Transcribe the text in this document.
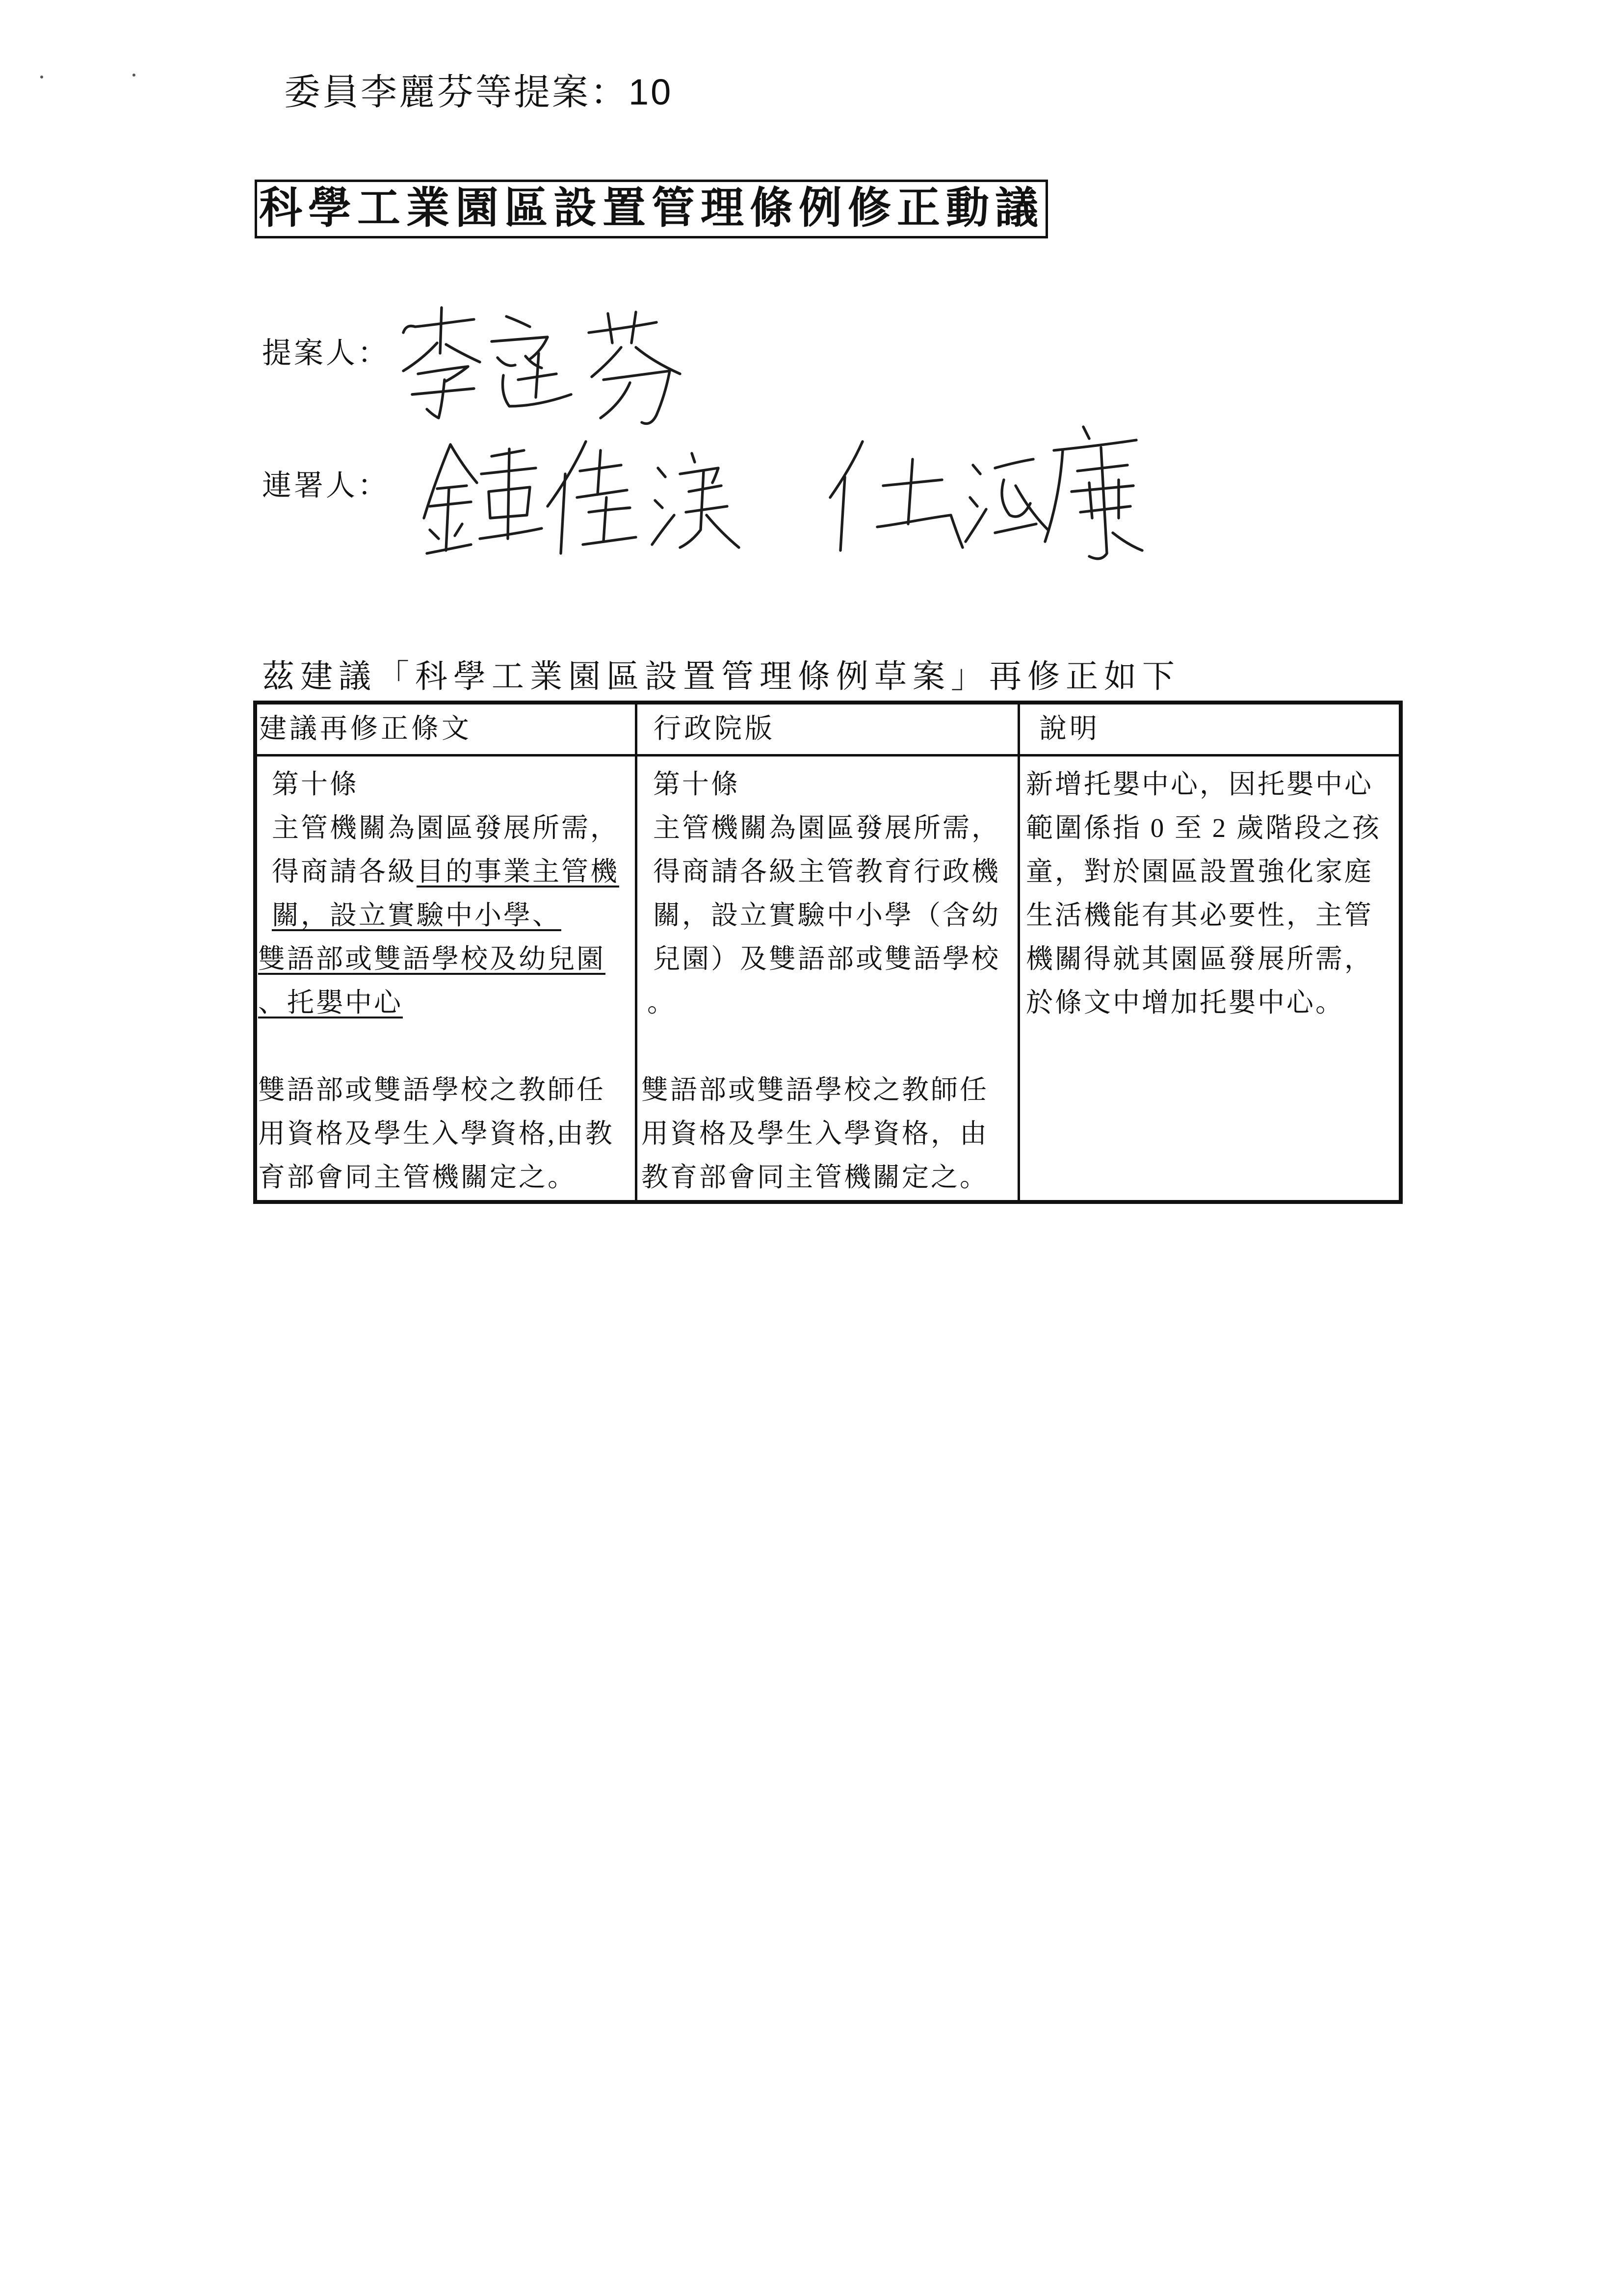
委員李麗芬等提案：10
科學工業園區設置管理條例修正動議
提案人：
連署人：
茲建議「科學工業園區設置管理條例草案」再修正如下
建議再修正條文	行政院版	說明
第十條
主管機關為園區發展所需，
得商請各級目的事業主管機
關，設立實驗中小學、
雙語部或雙語學校及幼兒園
、托嬰中心
雙語部或雙語學校之教師任
用資格及學生入學資格,由教
育部會同主管機關定之。
第十條
主管機關為園區發展所需，
得商請各級主管教育行政機
關，設立實驗中小學（含幼
兒園）及雙語部或雙語學校
。
雙語部或雙語學校之教師任
用資格及學生入學資格，由
教育部會同主管機關定之。
新增托嬰中心，因托嬰中心
範圍係指 0 至 2 歲階段之孩
童，對於園區設置強化家庭
生活機能有其必要性，主管
機關得就其園區發展所需，
於條文中增加托嬰中心。
